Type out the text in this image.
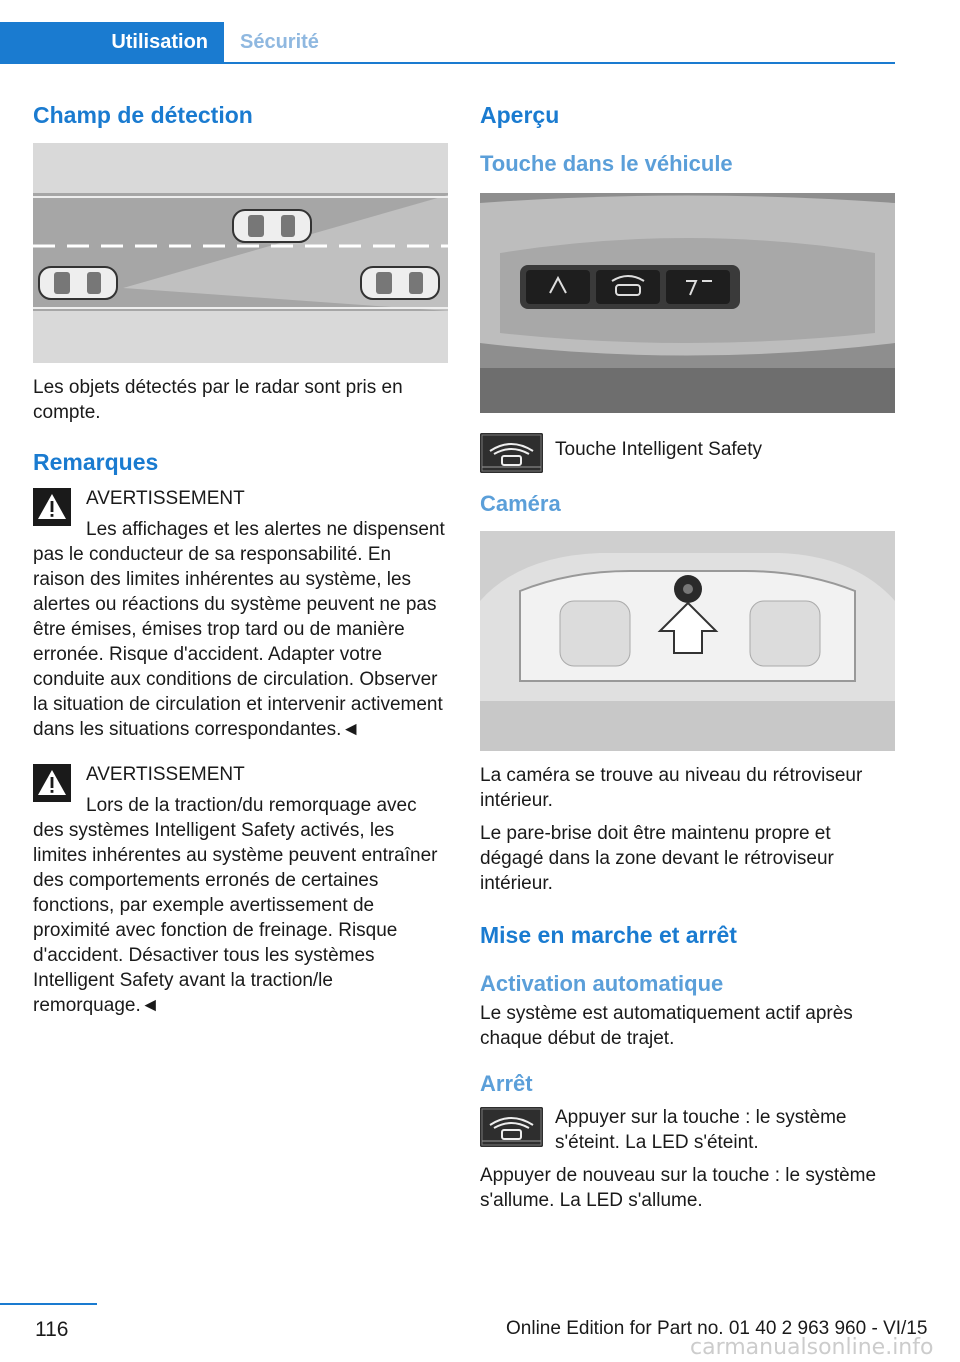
Utilisation	Sécurité
Champ de détection

Les objets détectés par le radar sont pris en compte.

Remarques
AVERTISSEMENT

Les affichages et les alertes ne dispensent pas le conducteur de sa responsabilité. En raison des limites inhérentes au système, les alertes ou réactions du système peuvent ne pas être émises, émises trop tard ou de manière erronée. Risque d'accident. Adapter votre conduite aux conditions de circulation. Observer la situation de circulation et intervenir activement dans les situations correspondantes.◄

AVERTISSEMENT

Lors de la traction/du remorquage avec des systèmes Intelligent Safety activés, les limites inhérentes au système peuvent entraîner des comportements erronés de certaines fonctions, par exemple avertissement de proximité avec fonction de freinage. Risque d'accident. Désactiver tous les systèmes Intelligent Safety avant la traction/le remorquage.◄

Aperçu
Touche dans le véhicule
Touche Intelligent Safety
Caméra

La caméra se trouve au niveau du rétroviseur intérieur.

Le pare-brise doit être maintenu propre et dégagé dans la zone devant le rétroviseur intérieur.

Mise en marche et arrêt
Activation automatique

Le système est automatiquement actif après chaque début de trajet.

Arrêt
Appuyer sur la touche : le système s'éteint. La LED s'éteint.

Appuyer de nouveau sur la touche : le système s'allume. La LED s'allume.

116	Online Edition for Part no. 01 40 2 963 960 - VI/15
carmanualsonline.info
